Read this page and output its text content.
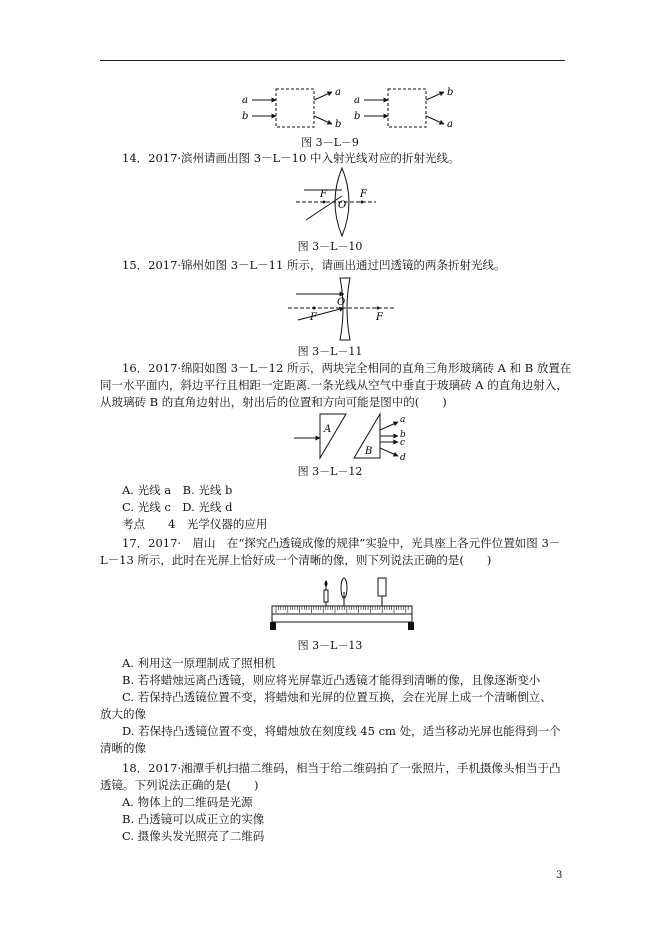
a
b
a
b
a
b
b
a
图 3－L－9
14．2017·滨州请画出图 3－L－10 中入射光线对应的折射光线。
F
O
F
图 3－L－10
15．2017·锦州如图 3－L－11 所示，请画出通过凹透镜的两条折射光线。
O
F	F
图 3－L－11
16．2017·绵阳如图 3－L－12 所示，两块完全相同的直角三角形玻璃砖 A 和 B 放置在
同一水平面内，斜边平行且相距一定距离.一条光线从空气中垂直于玻璃砖 A 的直角边射入，
从玻璃砖 B 的直角边射出，射出后的位置和方向可能是图中的(　　)
A
B
a
b
c
d
图 3－L－12
A. 光线 a　B. 光线 b
C. 光线 c　D. 光线 d
考点　　4　光学仪器的应用
17．2017·　眉山　在“探究凸透镜成像的规律”实验中，光具座上各元件位置如图 3－
L－13 所示，此时在光屏上恰好成一个清晰的像，则下列说法正确的是(　　)
图 3－L－13
A. 利用这一原理制成了照相机
B. 若将蜡烛远离凸透镜，则应将光屏靠近凸透镜才能得到清晰的像，且像逐渐变小
C. 若保持凸透镜位置不变，将蜡烛和光屏的位置互换，会在光屏上成一个清晰倒立、
放大的像
D. 若保持凸透镜位置不变，将蜡烛放在刻度线 45 cm 处，适当移动光屏也能得到一个
清晰的像
18．2017·湘潭手机扫描二维码，相当于给二维码拍了一张照片，手机摄像头相当于凸
透镜。下列说法正确的是(　　)
A. 物体上的二维码是光源
B. 凸透镜可以成正立的实像
C. 摄像头发光照亮了二维码
3
